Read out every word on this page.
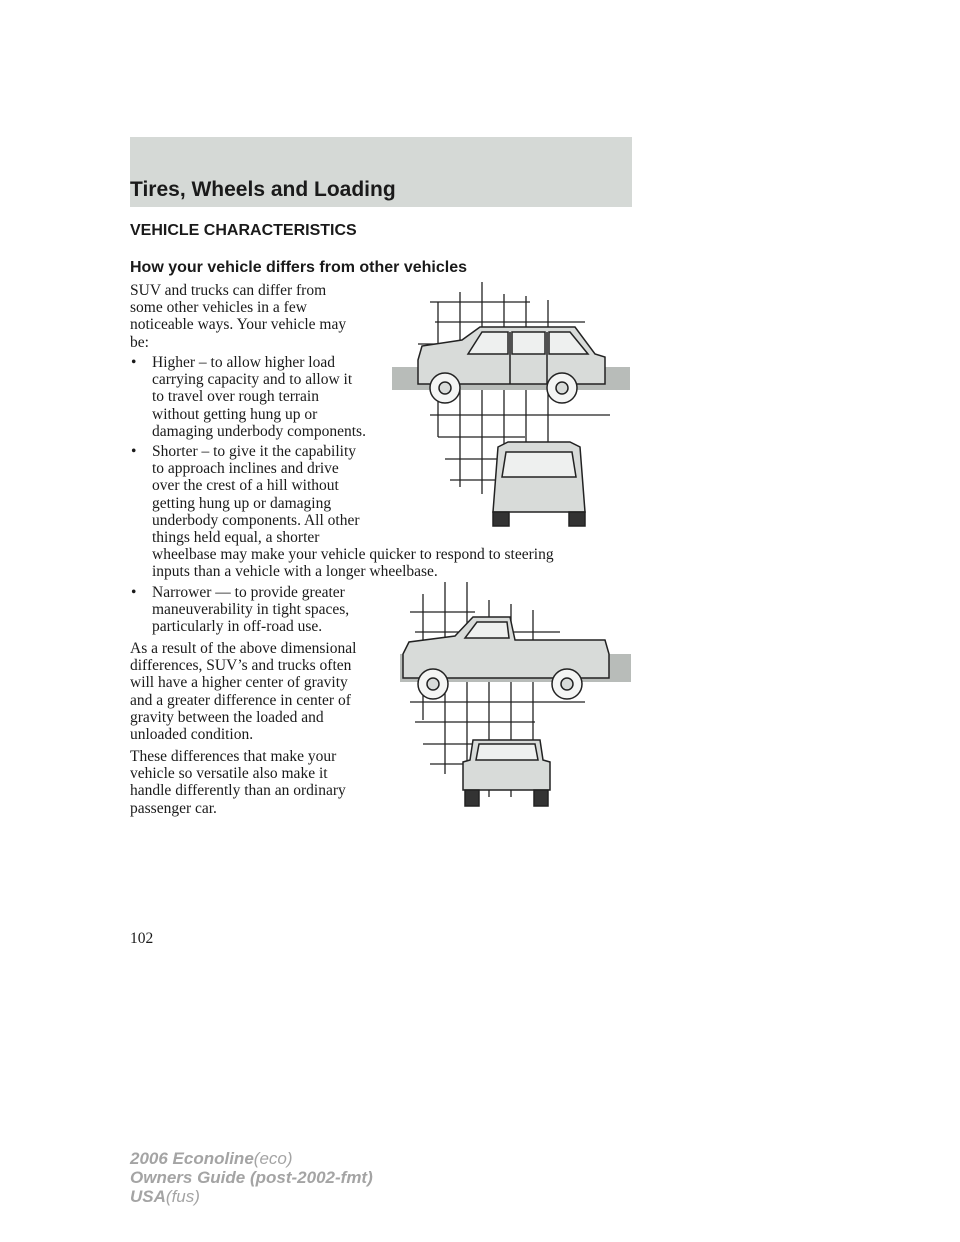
Tires, Wheels and Loading
VEHICLE CHARACTERISTICS
How your vehicle differs from other vehicles
SUV and trucks can differ from
some other vehicles in a few
noticeable ways. Your vehicle may
be:
• Higher – to allow higher load
carrying capacity and to allow it
to travel over rough terrain
without getting hung up or
damaging underbody components.
• Shorter – to give it the capability
to approach inclines and drive
over the crest of a hill without
getting hung up or damaging
underbody components. All other
things held equal, a shorter
wheelbase may make your vehicle quicker to respond to steering
inputs than a vehicle with a longer wheelbase.
• Narrower — to provide greater
maneuverability in tight spaces,
particularly in off-road use.
As a result of the above dimensional
differences, SUV’s and trucks often
will have a higher center of gravity
and a greater difference in center of
gravity between the loaded and
unloaded condition.
These differences that make your
vehicle so versatile also make it
handle differently than an ordinary
passenger car.
102
2006 Econoline(eco)
Owners Guide (post-2002-fmt)
USA(fus)
